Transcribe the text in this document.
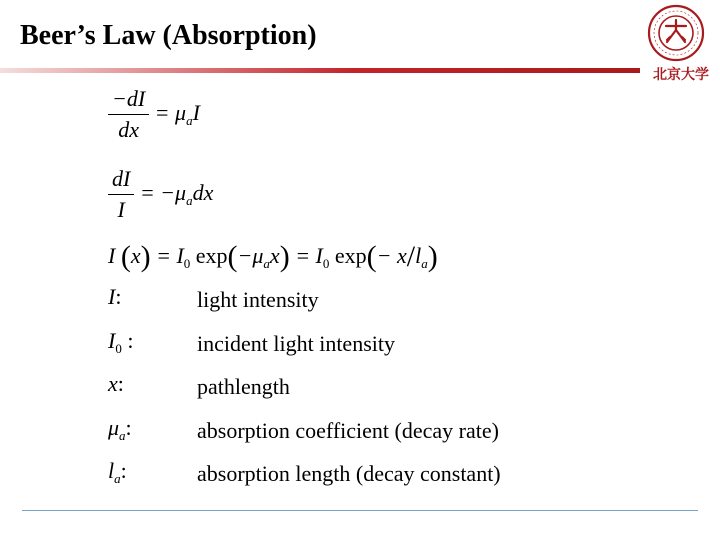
Beer’s Law (Absorption)
北京大学
$\frac{-dI}{dx} = \mu_aI$
$\frac{dI}{I} = -\mu_adx$
I $(x) = I_0$ $\exp(-\mu_ax) = I_0$ $\exp(- x/l_a)$
I:	light intensity
$I_0$ :	incident light intensity
x:	pathlength
$\mu_a$:	absorption coefficient (decay rate)
$l_a$:	absorption length (decay constant)
